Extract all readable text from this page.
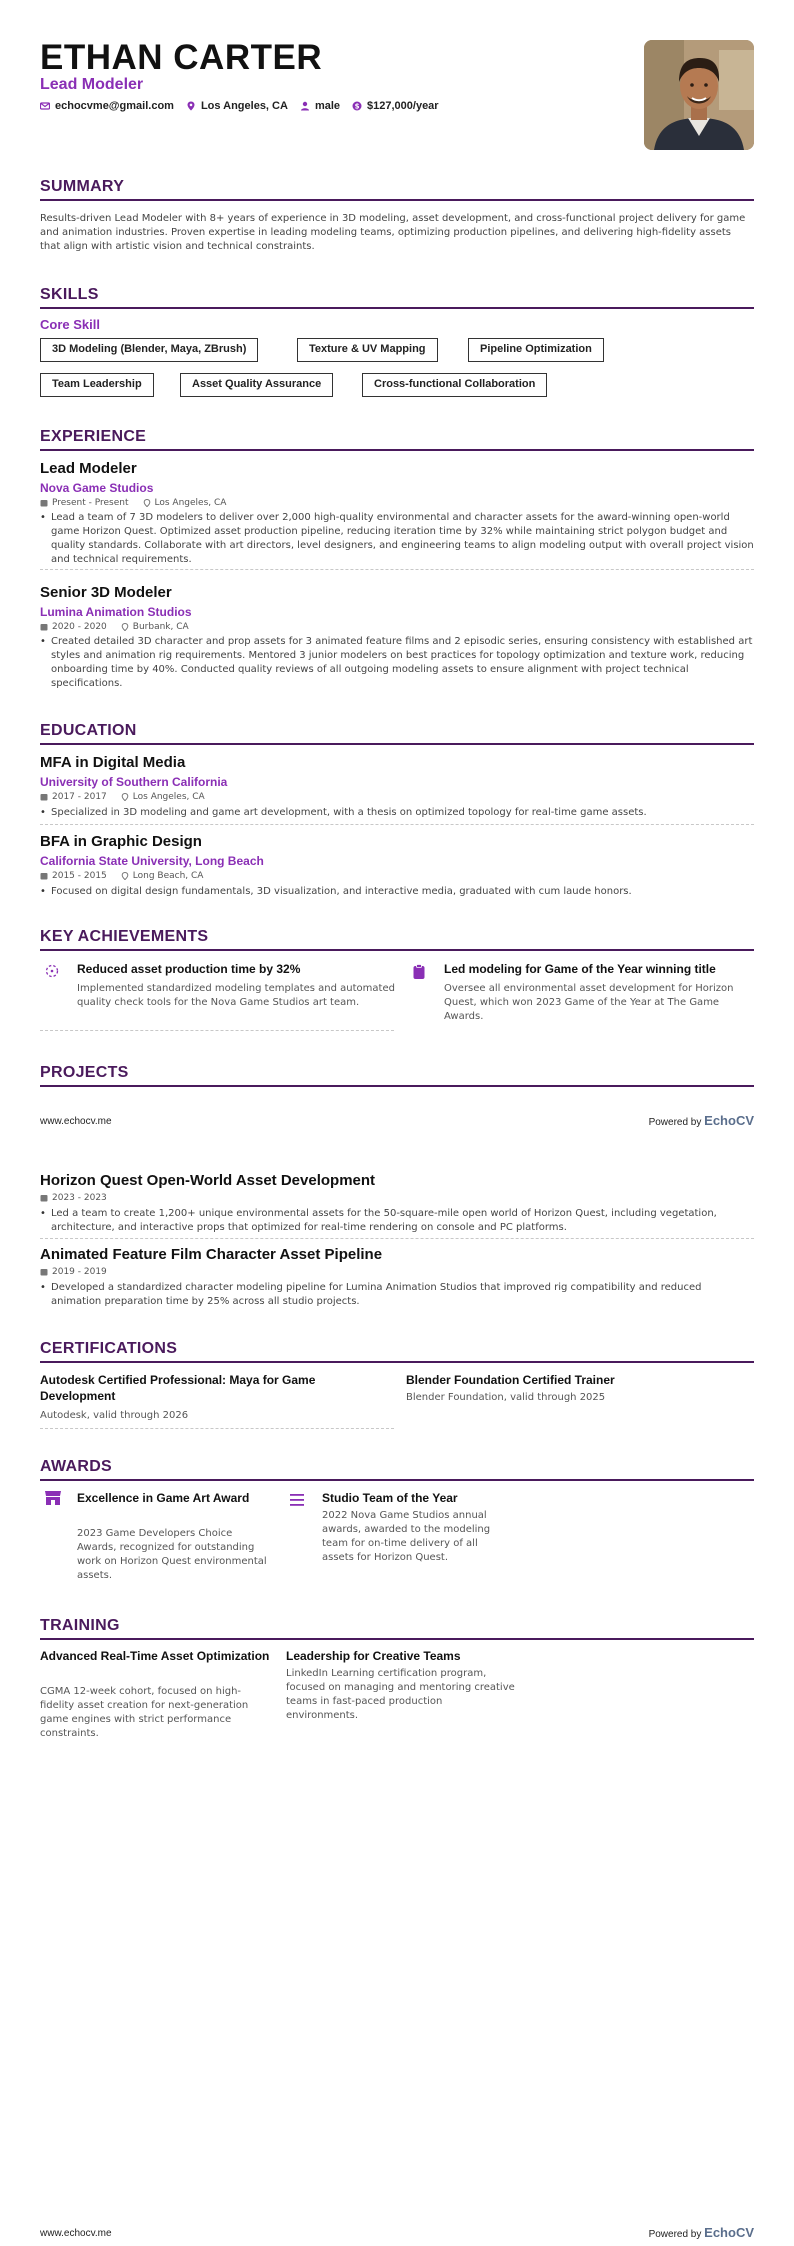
ETHAN CARTER
Lead Modeler
echocvme@gmail.com Los Angeles, CA male $ $127,000/year
SUMMARY
Results-driven Lead Modeler with 8+ years of experience in 3D modeling, asset development, and cross-functional project delivery for game and animation industries. Proven expertise in leading modeling teams, optimizing production pipelines, and delivering high-fidelity assets that align with artistic vision and technical constraints.
SKILLS
Core Skill
3D Modeling (Blender, Maya, ZBrush)	Texture & UV Mapping	Pipeline Optimization
Team Leadership	Asset Quality Assurance	Cross-functional Collaboration
EXPERIENCE
Lead Modeler
Nova Game Studios
Present - Present	Los Angeles, CA
• Lead a team of 7 3D modelers to deliver over 2,000 high-quality environmental and character assets for the award-winning open-world game Horizon Quest. Optimized asset production pipeline, reducing iteration time by 32% while maintaining strict polygon budget and quality standards. Collaborate with art directors, level designers, and engineering teams to align modeling output with overall project vision and technical requirements.
Senior 3D Modeler
Lumina Animation Studios
2020 - 2020	Burbank, CA
• Created detailed 3D character and prop assets for 3 animated feature films and 2 episodic series, ensuring consistency with established art styles and animation rig requirements. Mentored 3 junior modelers on best practices for topology optimization and texture work, reducing onboarding time by 40%. Conducted quality reviews of all outgoing modeling assets to ensure alignment with project technical specifications.
EDUCATION
MFA in Digital Media
University of Southern California
2017 - 2017	Los Angeles, CA
• Specialized in 3D modeling and game art development, with a thesis on optimized topology for real-time game assets.
BFA in Graphic Design
California State University, Long Beach
2015 - 2015	Long Beach, CA
• Focused on digital design fundamentals, 3D visualization, and interactive media, graduated with cum laude honors.
KEY ACHIEVEMENTS
Reduced asset production time by 32%
Implemented standardized modeling templates and automated quality check tools for the Nova Game Studios art team.
Led modeling for Game of the Year winning title
Oversee all environmental asset development for Horizon Quest, which won 2023 Game of the Year at The Game Awards.
PROJECTS
www.echocv.me	Powered by EchoCV
Horizon Quest Open-World Asset Development
2023 - 2023
• Led a team to create 1,200+ unique environmental assets for the 50-square-mile open world of Horizon Quest, including vegetation, architecture, and interactive props that optimized for real-time rendering on console and PC platforms.
Animated Feature Film Character Asset Pipeline
2019 - 2019
• Developed a standardized character modeling pipeline for Lumina Animation Studios that improved rig compatibility and reduced animation preparation time by 25% across all studio projects.
CERTIFICATIONS
Autodesk Certified Professional: Maya for Game Development
Autodesk, valid through 2026
Blender Foundation Certified Trainer
Blender Foundation, valid through 2025
AWARDS
Excellence in Game Art Award
2023 Game Developers Choice Awards, recognized for outstanding work on Horizon Quest environmental assets.
Studio Team of the Year
2022 Nova Game Studios annual awards, awarded to the modeling team for on-time delivery of all assets for Horizon Quest.
TRAINING
Advanced Real-Time Asset Optimization
CGMA 12-week cohort, focused on high-fidelity asset creation for next-generation game engines with strict performance constraints.
Leadership for Creative Teams
LinkedIn Learning certification program, focused on managing and mentoring creative teams in fast-paced production environments.
www.echocv.me	Powered by EchoCV
